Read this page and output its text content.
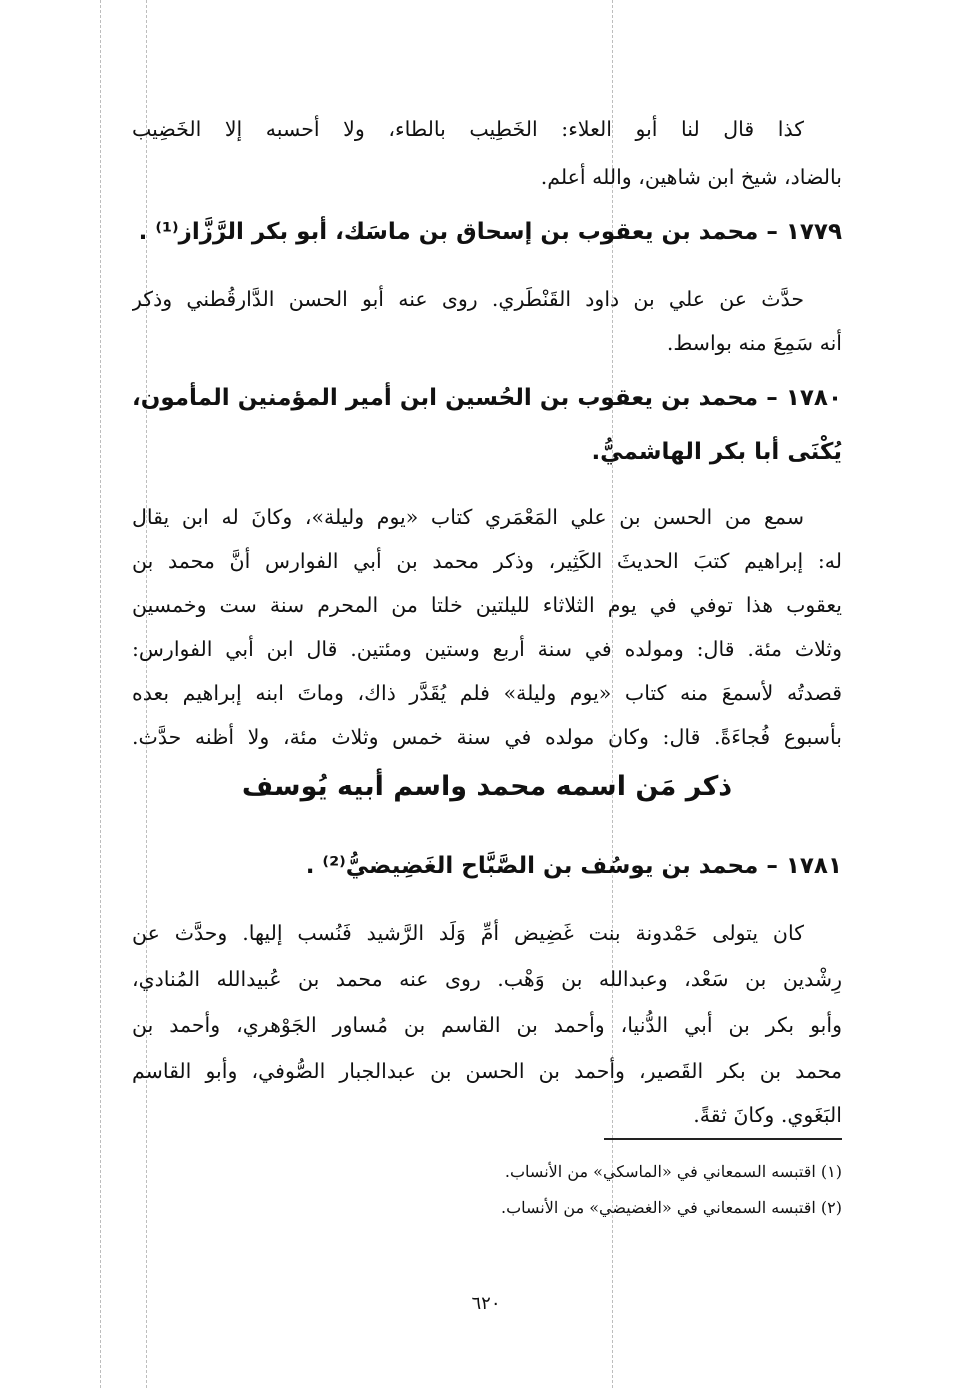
كذا قال لنا أبو العلاء: الخَطِيب بالطاء، ولا أحسبه إلا الخَضِيب
بالضاد، شيخ ابن شاهين، والله أعلم.
١٧٧٩ – محمد بن يعقوب بن إسحاق بن ماسَك، أبو بكر الرَّزَّاز⁽¹⁾ .
حدَّث عن علي بن داود القَنْطَري. روى عنه أبو الحسن الدَّارقُطني وذكر
أنه سَمِعَ منه بواسط.
١٧٨٠ – محمد بن يعقوب بن الحُسين ابن أمير المؤمنين المأمون،
يُكْنَى أبا بكر الهاشميُّ.
سمع من الحسن بن علي المَعْمَري كتاب «يوم وليلة»، وكانَ له ابن يقال
له: إبراهيم كتبَ الحديثَ الكَثِير، وذكر محمد بن أبي الفوارس أنَّ محمد بن
يعقوب هذا توفي في يوم الثلاثاء لليلتين خلتا من المحرم سنة ست وخمسين
وثلاث مئة. قال: ومولده في سنة أربع وستين ومئتين. قال ابن أبي الفوارس:
قصدتُه لأسمعَ منه كتاب «يوم وليلة» فلم يُقَدَّر ذاك، وماتَ ابنه إبراهيم بعده
بأسبوع فُجاءَةً. قال: وكان مولده في سنة خمس وثلاث مئة، ولا أظنه حدَّث.
ذكر مَن اسمه محمد واسم أبيه يُوسف
١٧٨١ – محمد بن يوسُف بن الصَّبَّاح الغَضِيضيُّ⁽²⁾ .
كان يتولى حَمْدونة بنت غَضِيض أمِّ وَلَد الرَّشيد فَنُسب إليها. وحدَّث عن
رِشْدين بن سَعْد، وعبدالله بن وَهْب. روى عنه محمد بن عُبيدالله المُنادي،
وأبو بكر بن أبي الدُّنيا، وأحمد بن القاسم بن مُساور الجَوْهري، وأحمد بن
محمد بن بكر القَصير، وأحمد بن الحسن بن عبدالجبار الصُّوفي، وأبو القاسم
البَغَوي. وكانَ ثقةً.
(١) اقتبسه السمعاني في «الماسكي» من الأنساب.
(٢) اقتبسه السمعاني في «الغضيضي» من الأنساب.
٦٢٠
